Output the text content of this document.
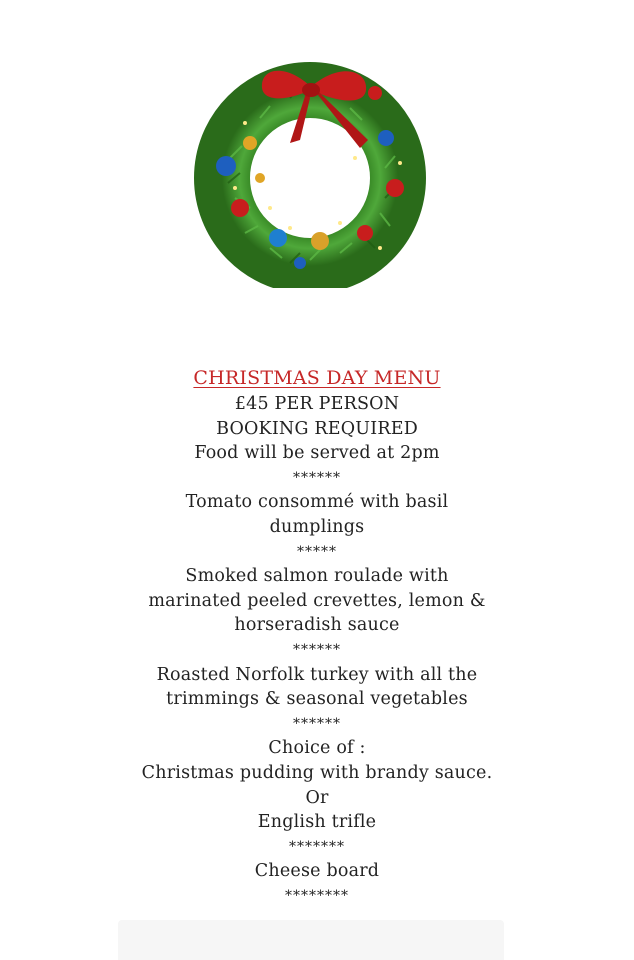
CHRISTMAS DAY MENU
£45 PER PERSON
BOOKING REQUIRED
Food will be served at 2pm
******
Tomato consommé with basil
dumplings
*****
Smoked salmon roulade with
marinated peeled crevettes, lemon &
horseradish sauce
******
Roasted Norfolk turkey with all the
trimmings & seasonal vegetables
******
Choice of :
Christmas pudding with brandy sauce.
Or
English trifle
*******
Cheese board
********
